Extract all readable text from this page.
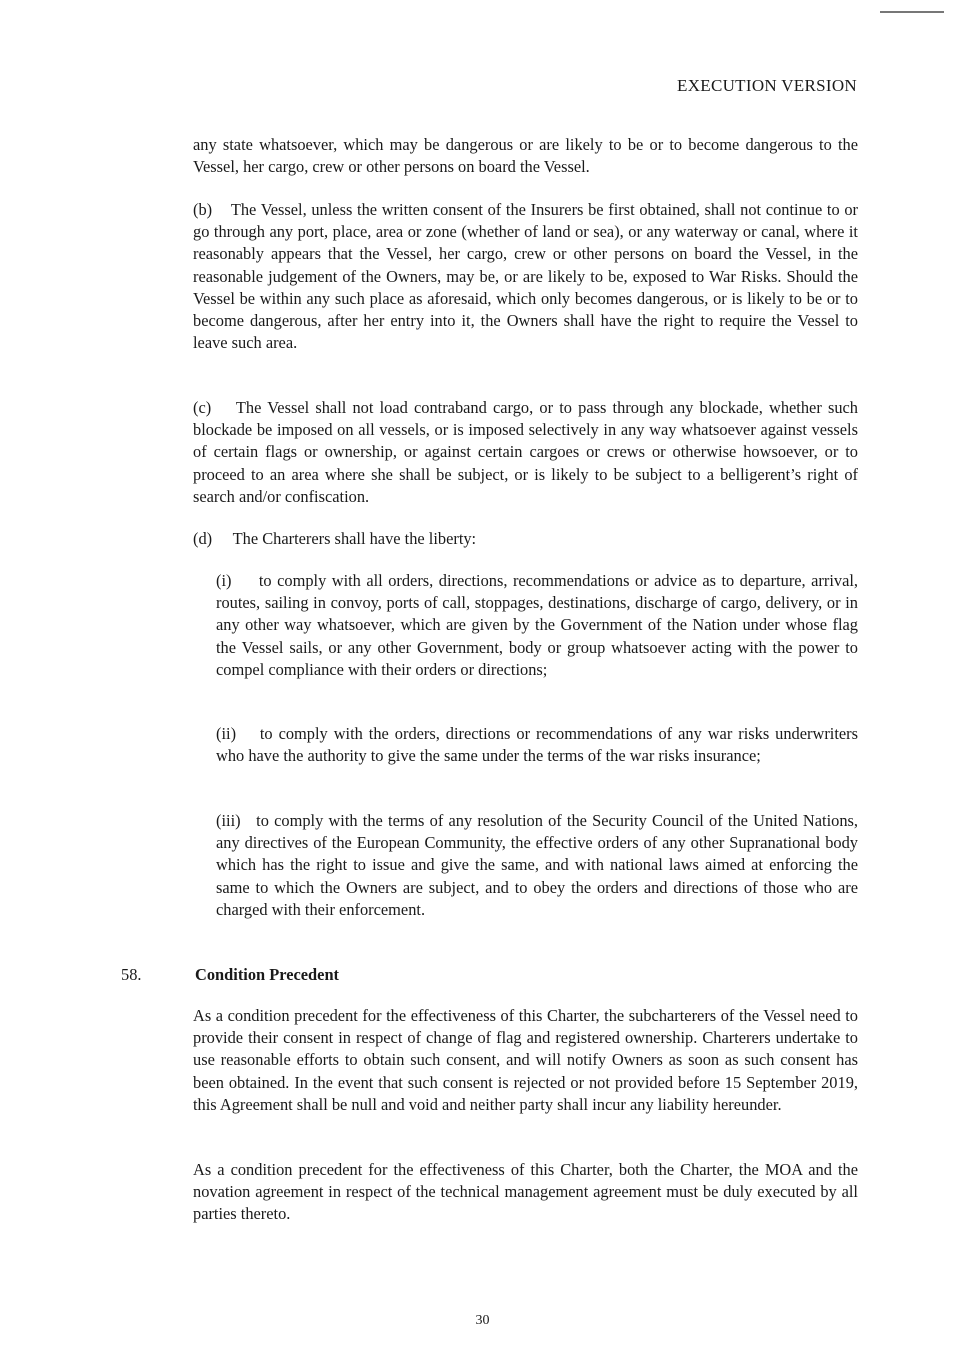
EXECUTION VERSION

any state whatsoever, which may be dangerous or are likely to be or to become dangerous to the Vessel, her cargo, crew or other persons on board the Vessel.

(b) The Vessel, unless the written consent of the Insurers be first obtained, shall not continue to or go through any port, place, area or zone (whether of land or sea), or any waterway or canal, where it reasonably appears that the Vessel, her cargo, crew or other persons on board the Vessel, in the reasonable judgement of the Owners, may be, or are likely to be, exposed to War Risks. Should the Vessel be within any such place as aforesaid, which only becomes dangerous, or is likely to be or to become dangerous, after her entry into it, the Owners shall have the right to require the Vessel to leave such area.

(c) The Vessel shall not load contraband cargo, or to pass through any blockade, whether such blockade be imposed on all vessels, or is imposed selectively in any way whatsoever against vessels of certain flags or ownership, or against certain cargoes or crews or otherwise howsoever, or to proceed to an area where she shall be subject, or is likely to be subject to a belligerent’s right of search and/or confiscation.

(d) The Charterers shall have the liberty:

(i) to comply with all orders, directions, recommendations or advice as to departure, arrival, routes, sailing in convoy, ports of call, stoppages, destinations, discharge of cargo, delivery, or in any other way whatsoever, which are given by the Government of the Nation under whose flag the Vessel sails, or any other Government, body or group whatsoever acting with the power to compel compliance with their orders or directions;

(ii) to comply with the orders, directions or recommendations of any war risks underwriters who have the authority to give the same under the terms of the war risks insurance;

(iii) to comply with the terms of any resolution of the Security Council of the United Nations, any directives of the European Community, the effective orders of any other Supranational body which has the right to issue and give the same, and with national laws aimed at enforcing the same to which the Owners are subject, and to obey the orders and directions of those who are charged with their enforcement.

58.	Condition Precedent

As a condition precedent for the effectiveness of this Charter, the subcharterers of the Vessel need to provide their consent in respect of change of flag and registered ownership. Charterers undertake to use reasonable efforts to obtain such consent, and will notify Owners as soon as such consent has been obtained. In the event that such consent is rejected or not provided before 15 September 2019, this Agreement shall be null and void and neither party shall incur any liability hereunder.

As a condition precedent for the effectiveness of this Charter, both the Charter, the MOA and the novation agreement in respect of the technical management agreement must be duly executed by all parties thereto.

30
